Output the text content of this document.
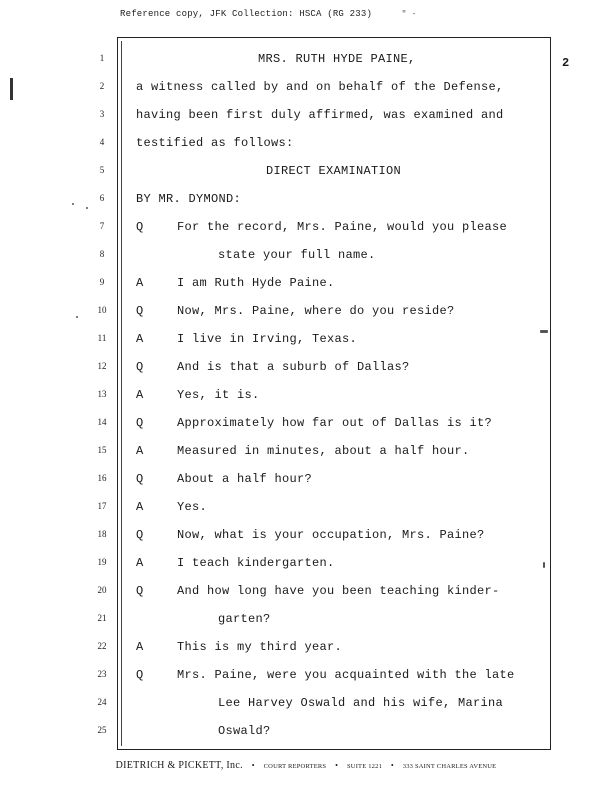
Reference copy, JFK Collection: HSCA (RG 233)	" -
2
1
2
3
4
5
6
7
8
9
10
11
12
13
14
15
16
17
18
19
20
21
22
23
24
25
MRS. RUTH HYDE PAINE,
a witness called by and on behalf of the Defense,
having been first duly affirmed, was examined and
testified as follows:
DIRECT EXAMINATION
BY MR. DYMOND:
Q	For the record, Mrs. Paine, would you please
state your full name.
A	I am Ruth Hyde Paine.
Q	Now, Mrs. Paine, where do you reside?
A	I live in Irving, Texas.
Q	And is that a suburb of Dallas?
A	Yes, it is.
Q	Approximately how far out of Dallas is it?
A	Measured in minutes, about a half hour.
Q	About a half hour?
A	Yes.
Q	Now, what is your occupation, Mrs. Paine?
A	I teach kindergarten.
Q	And how long have you been teaching kinder-
garten?
A	This is my third year.
Q	Mrs. Paine, were you acquainted with the late
Lee Harvey Oswald and his wife, Marina
Oswald?
DIETRICH & PICKETT, Inc. • COURT REPORTERS • SUITE 1221 • 333 SAINT CHARLES AVENUE
